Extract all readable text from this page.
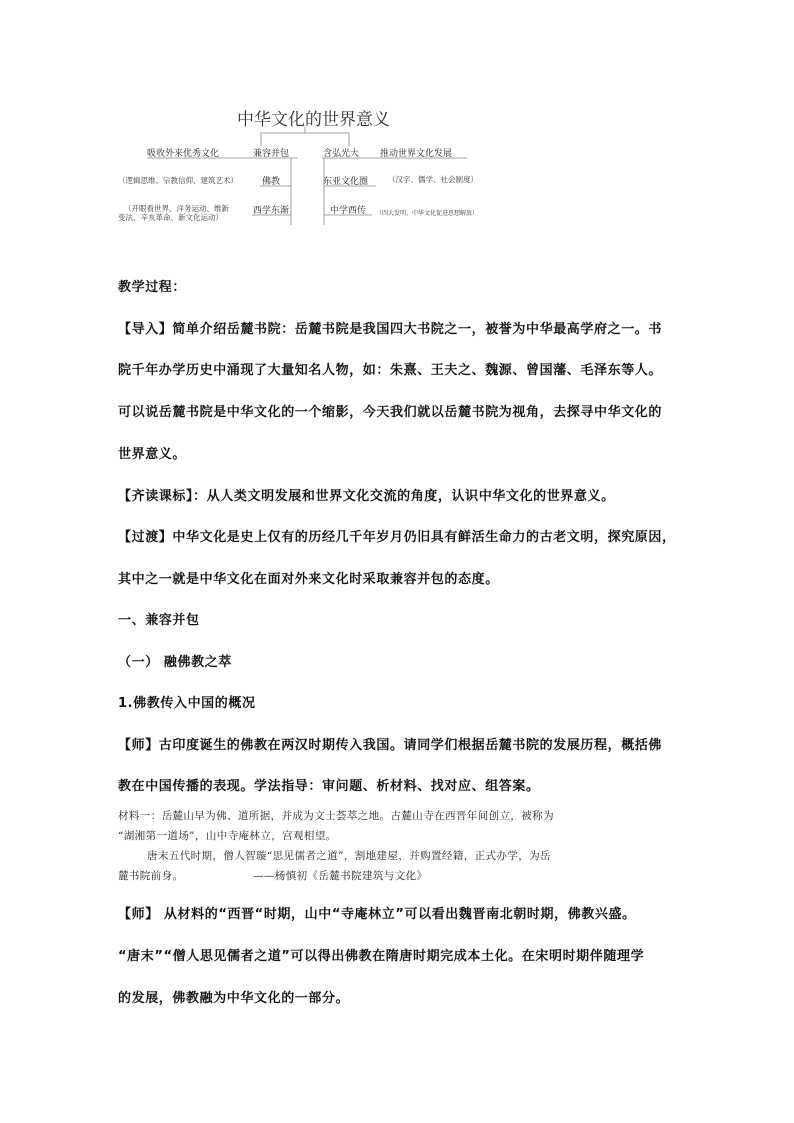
中华文化的世界意义
吸收外来优秀文化	兼容并包
（逻辑思维、宗教信仰、建筑艺术）	佛教
（开眼看世界、洋务运动、维新
变法、辛亥革命、新文化运动）
西学东渐
含弘光大 推动世界文化发展
东亚文化圈	（汉字、儒学、社会制度）
中学西传 （四大发明、中华文化促进思想解放）
教学过程：
【导入】简单介绍岳麓书院：岳麓书院是我国四大书院之一，被誉为中华最高学府之一。书
院千年办学历史中涌现了大量知名人物，如：朱熹、王夫之、魏源、曾国藩、毛泽东等人。
可以说岳麓书院是中华文化的一个缩影，今天我们就以岳麓书院为视角，去探寻中华文化的
世界意义。
【齐读课标】：从人类文明发展和世界文化交流的角度，认识中华文化的世界意义。
【过渡】中华文化是史上仅有的历经几千年岁月仍旧具有鲜活生命力的古老文明，探究原因，
其中之一就是中华文化在面对外来文化时采取兼容并包的态度。
一、兼容并包
（一） 融佛教之萃
1.佛教传入中国的概况
【师】古印度诞生的佛教在两汉时期传入我国。请同学们根据岳麓书院的发展历程，概括佛
教在中国传播的表现。学法指导：审问题、析材料、找对应、组答案。
材料一：岳麓山早为佛、道所据，并成为文士荟萃之地。古麓山寺在西晋年间创立，被称为
“湖湘第一道场”，山中寺庵林立，宫观相望。
唐末五代时期，僧人智璇“思见儒者之道”，割地建屋，并购置经籍，正式办学，为岳
麓书院前身。	——杨慎初《岳麓书院建筑与文化》
【师】 从材料的“西晋“时期，山中“寺庵林立”可以看出魏晋南北朝时期，佛教兴盛。
“唐末”“僧人思见儒者之道”可以得出佛教在隋唐时期完成本土化。在宋明时期伴随理学
的发展，佛教融为中华文化的一部分。
